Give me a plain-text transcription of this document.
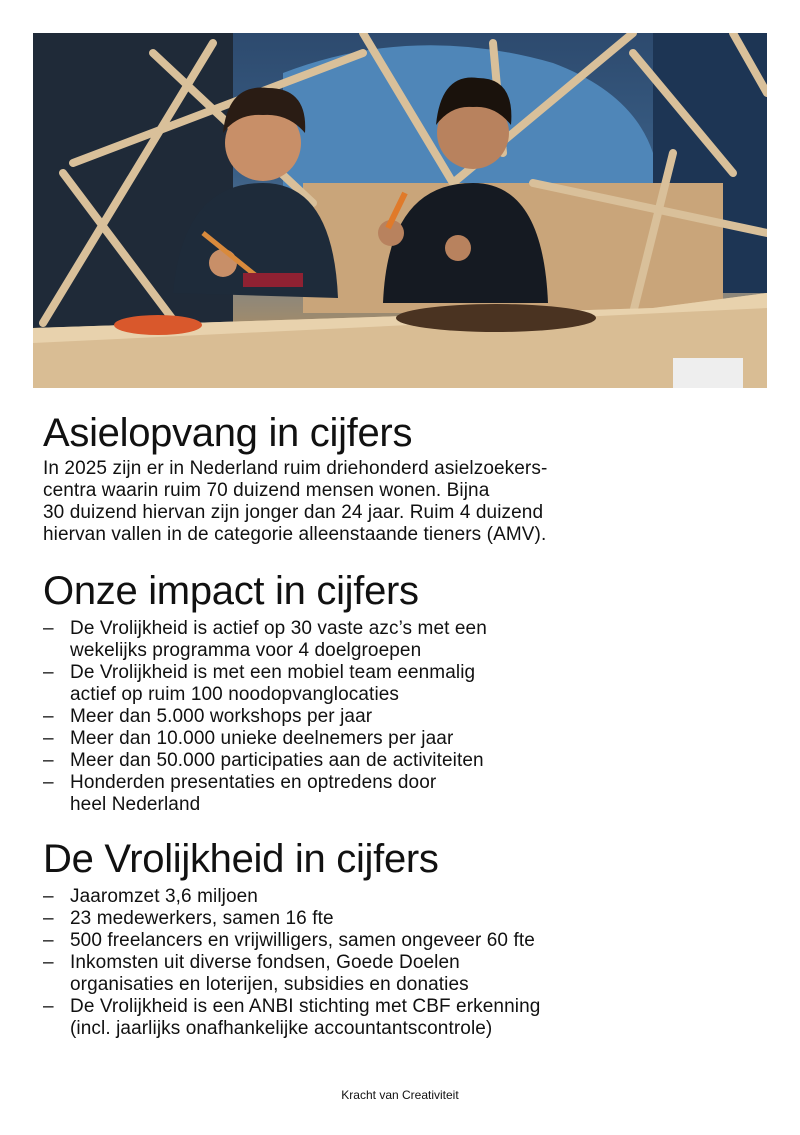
Asielopvang in cijfers

In 2025 zijn er in Nederland ruim driehonderd asielzoekers-
centra waarin ruim 70 duizend mensen wonen. Bijna
30 duizend hiervan zijn jonger dan 24 jaar. Ruim 4 duizend
hiervan vallen in de categorie alleenstaande tieners (AMV).

Onze impact in cijfers
– De Vrolijkheid is actief op 30 vaste azc’s met een
wekelijks programma voor 4 doelgroepen
– De Vrolijkheid is met een mobiel team eenmalig
actief op ruim 100 noodopvanglocaties
– Meer dan 5.000 workshops per jaar
– Meer dan 10.000 unieke deelnemers per jaar
– Meer dan 50.000 participaties aan de activiteiten
– Honderden presentaties en optredens door
heel Nederland
De Vrolijkheid in cijfers
– Jaaromzet 3,6 miljoen
– 23 medewerkers, samen 16 fte
– 500 freelancers en vrijwilligers, samen ongeveer 60 fte
– Inkomsten uit diverse fondsen, Goede Doelen
organisaties en loterijen, subsidies en donaties
– De Vrolijkheid is een ANBI stichting met CBF erkenning
(incl. jaarlijks onafhankelijke accountantscontrole)
Kracht van Creativiteit
